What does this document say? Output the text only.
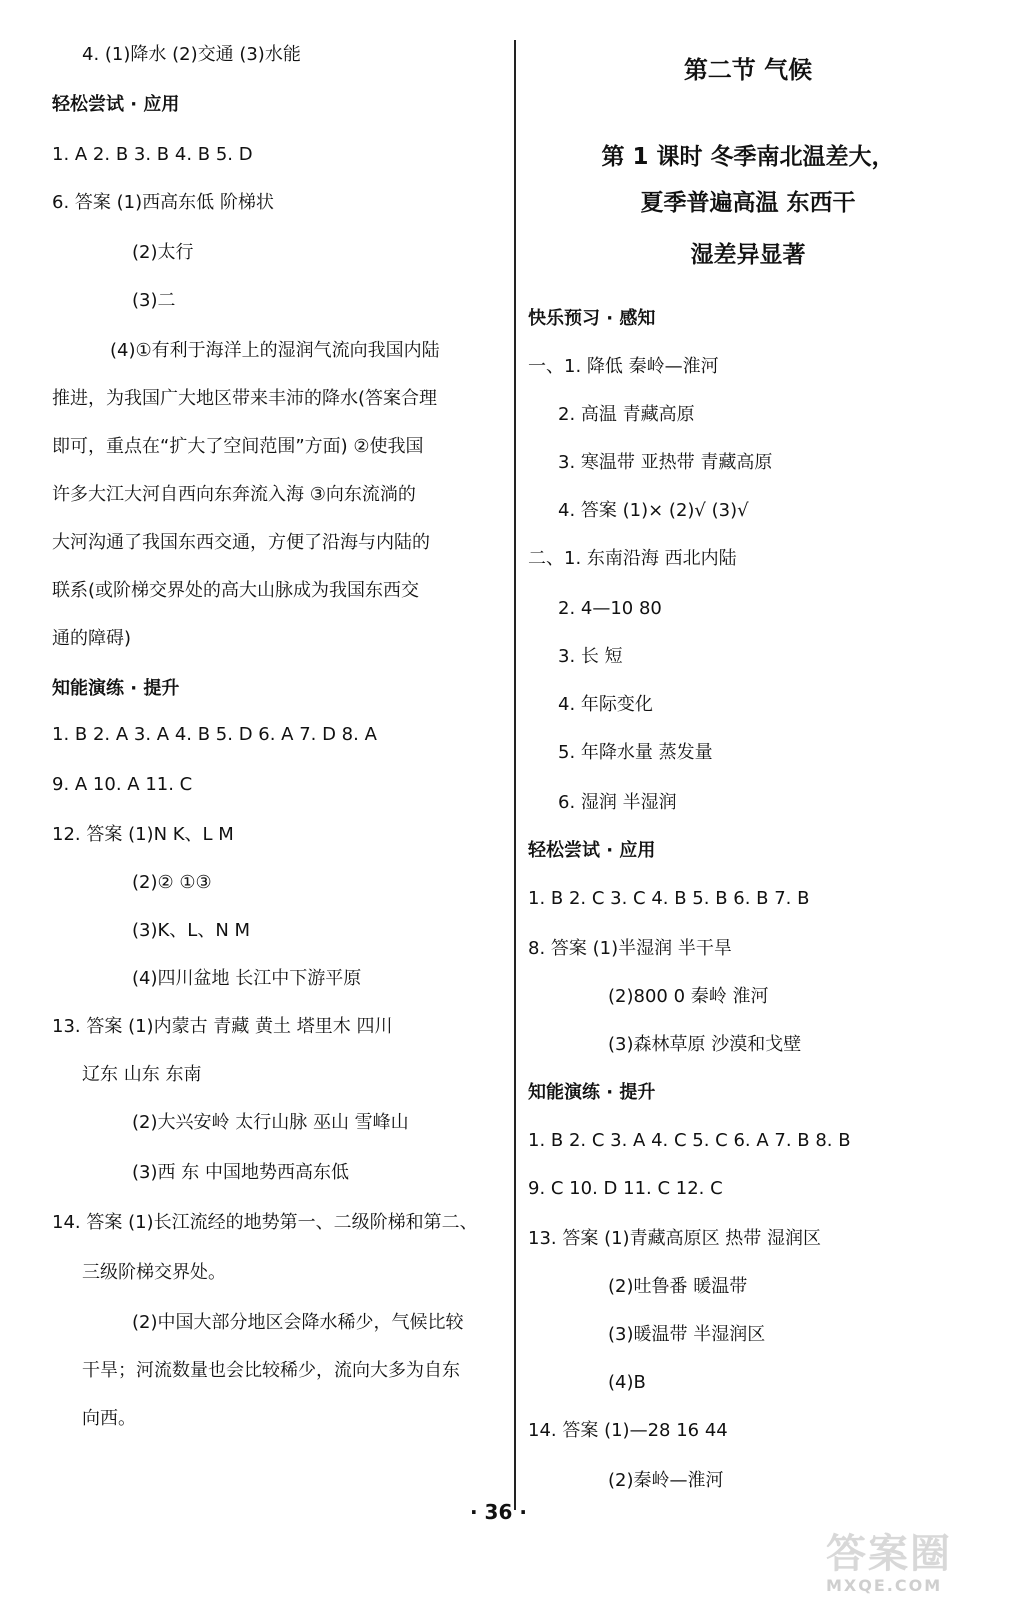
4. (1)降水 (2)交通 (3)水能
轻松尝试 · 应用
1. A 2. B 3. B 4. B 5. D
6. 答案 (1)西高东低 阶梯状
(2)太行
(3)二
(4)①有利于海洋上的湿润气流向我国内陆
推进，为我国广大地区带来丰沛的降水(答案合理
即可，重点在“扩大了空间范围”方面) ②使我国
许多大江大河自西向东奔流入海 ③向东流淌的
大河沟通了我国东西交通，方便了沿海与内陆的
联系(或阶梯交界处的高大山脉成为我国东西交
通的障碍)
知能演练 · 提升
1. B 2. A 3. A 4. B 5. D 6. A 7. D 8. A
9. A 10. A 11. C
12. 答案 (1)N K、L M
(2)② ①③
(3)K、L、N M
(4)四川盆地 长江中下游平原
13. 答案 (1)内蒙古 青藏 黄土 塔里木 四川
辽东 山东 东南
(2)大兴安岭 太行山脉 巫山 雪峰山
(3)西 东 中国地势西高东低
14. 答案 (1)长江流经的地势第一、二级阶梯和第二、
三级阶梯交界处。
(2)中国大部分地区会降水稀少，气候比较
干旱；河流数量也会比较稀少，流向大多为自东
向西。
第二节 气候
第 1 课时 冬季南北温差大，
夏季普遍高温 东西干
湿差异显著
快乐预习 · 感知
一、1. 降低 秦岭—淮河
2. 高温 青藏高原
3. 寒温带 亚热带 青藏高原
4. 答案 (1)× (2)√ (3)√
二、1. 东南沿海 西北内陆
2. 4—10 80
3. 长 短
4. 年际变化
5. 年降水量 蒸发量
6. 湿润 半湿润
轻松尝试 · 应用
1. B 2. C 3. C 4. B 5. B 6. B 7. B
8. 答案 (1)半湿润 半干旱
(2)800 0 秦岭 淮河
(3)森林草原 沙漠和戈壁
知能演练 · 提升
1. B 2. C 3. A 4. C 5. C 6. A 7. B 8. B
9. C 10. D 11. C 12. C
13. 答案 (1)青藏高原区 热带 湿润区
(2)吐鲁番 暖温带
(3)暖温带 半湿润区
(4)B
14. 答案 (1)—28 16 44
(2)秦岭—淮河
· 36 ·
答案圈
MXQE.COM
